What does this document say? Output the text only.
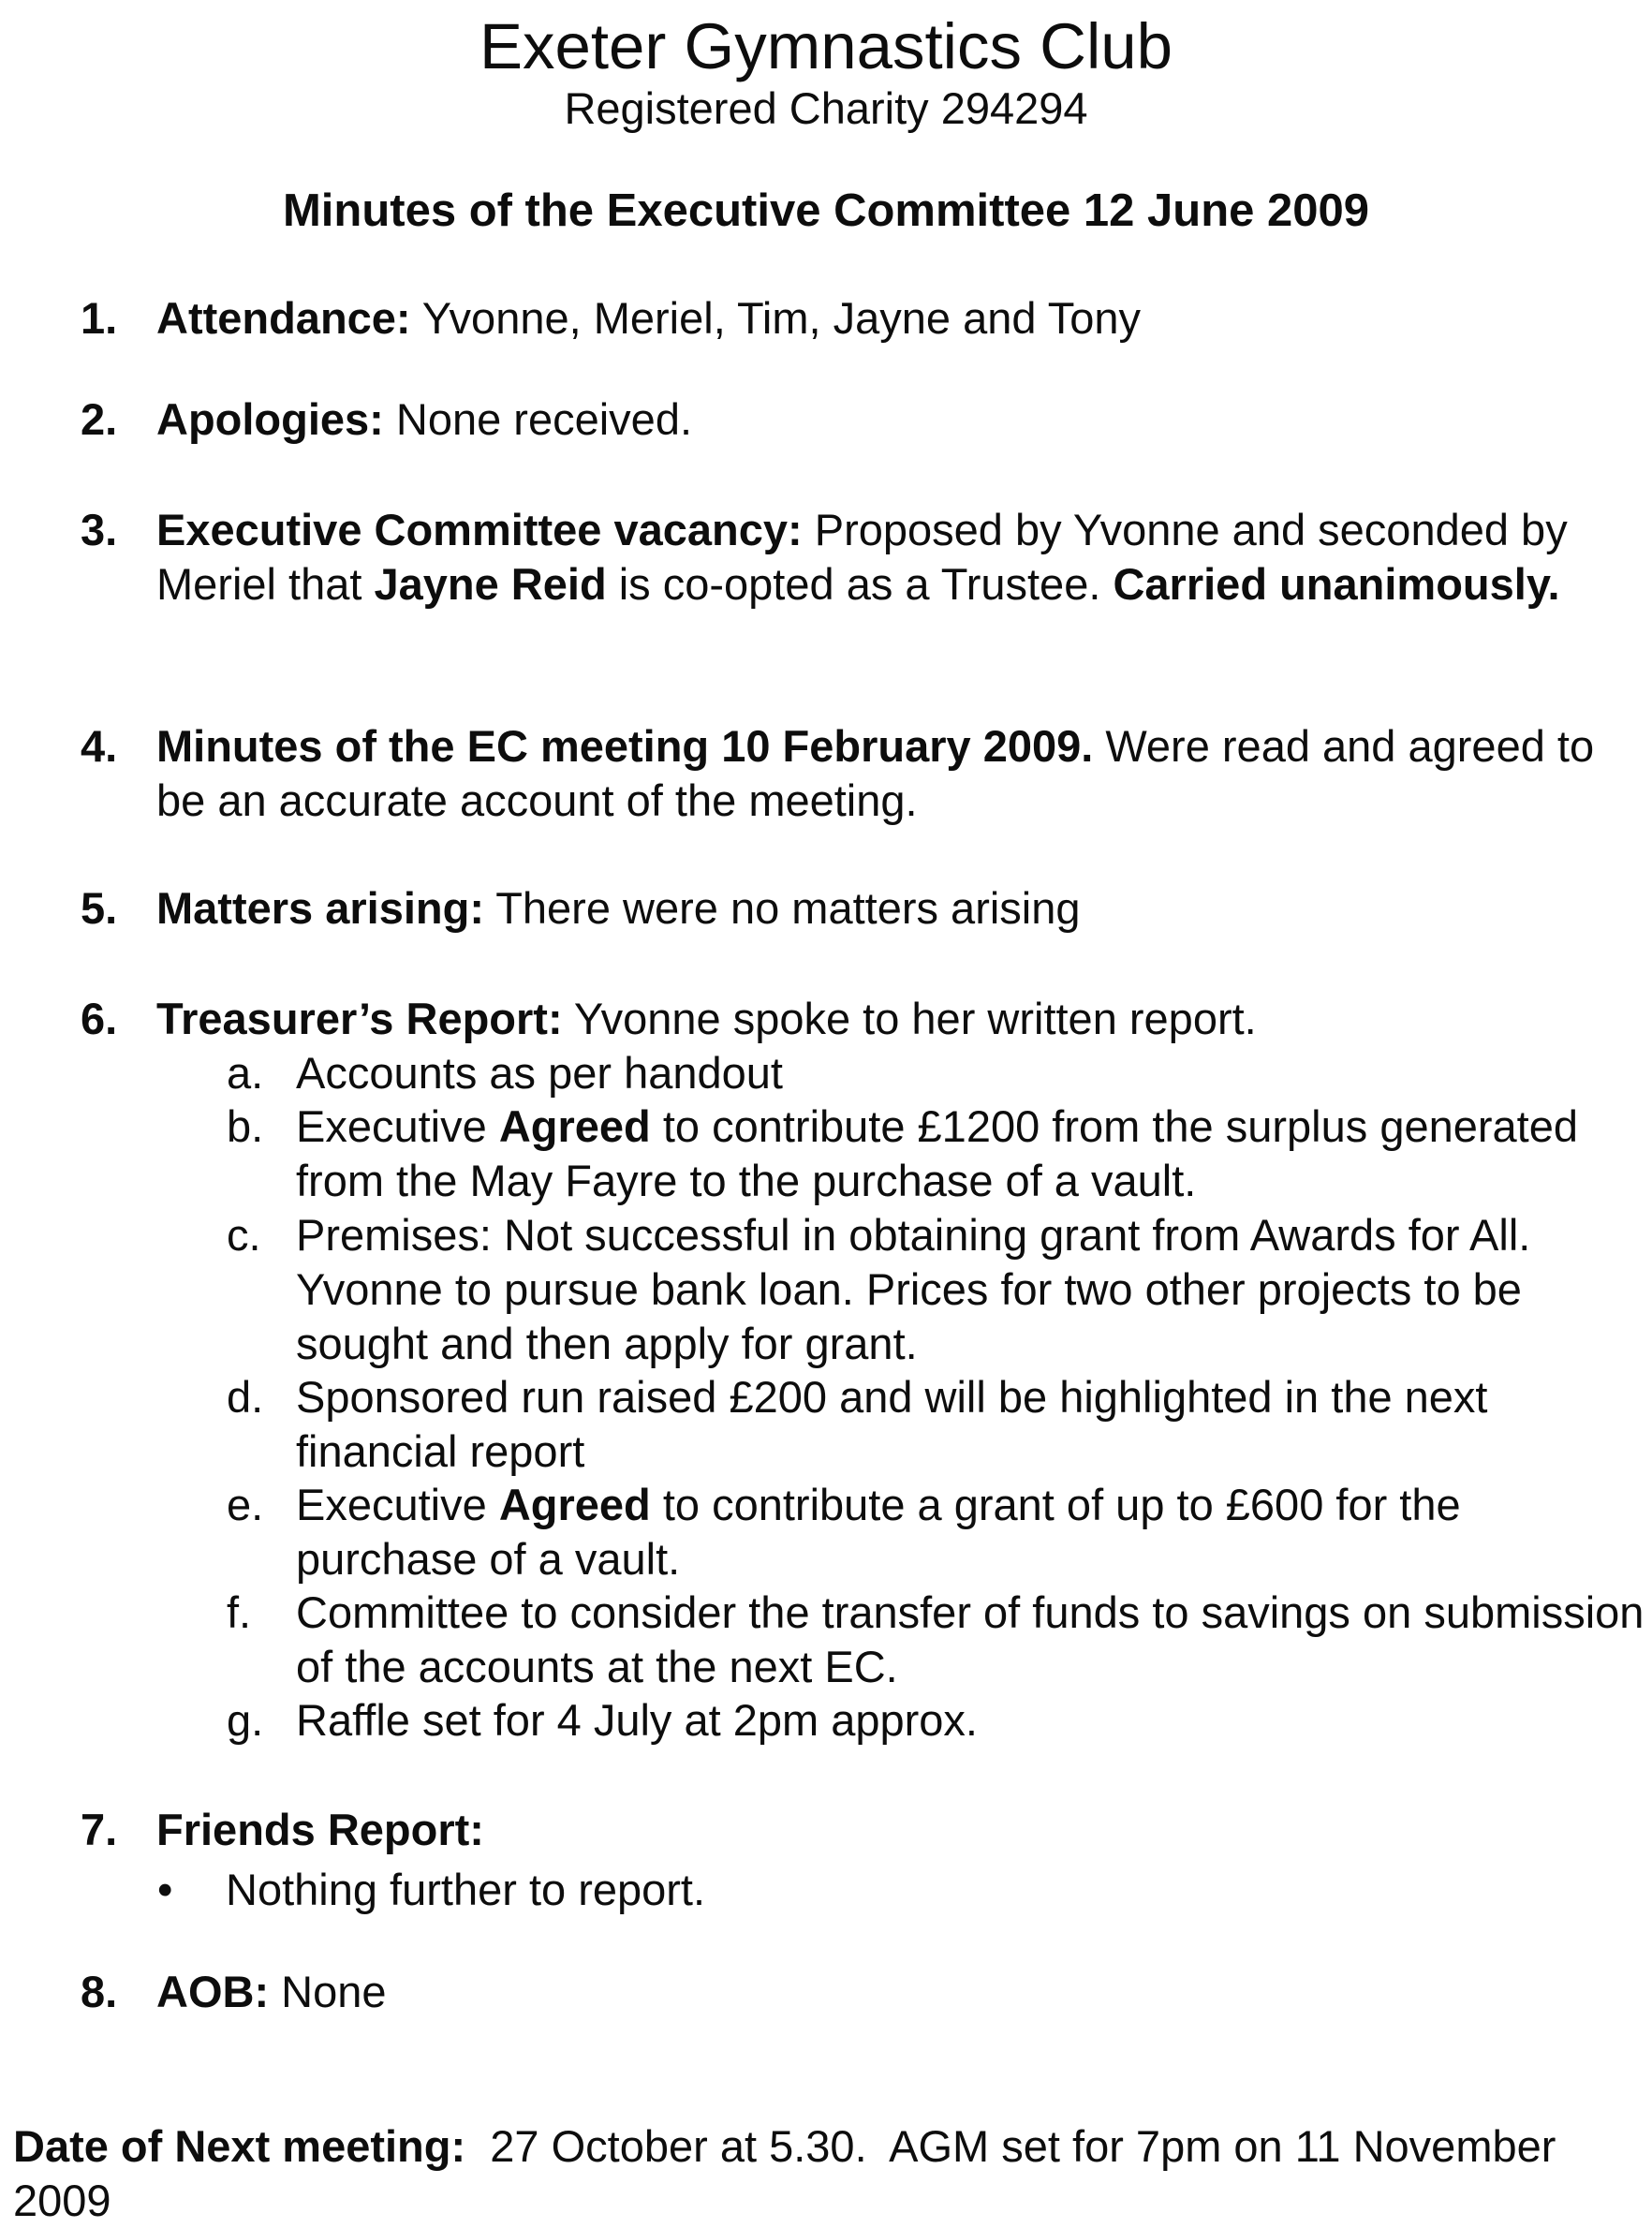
Exeter Gymnastics Club
Registered Charity 294294
Minutes of the Executive Committee 12 June 2009
1. Attendance: Yvonne, Meriel, Tim, Jayne and Tony
2. Apologies: None received.
3. Executive Committee vacancy: Proposed by Yvonne and seconded by Meriel that Jayne Reid is co-opted as a Trustee. Carried unanimously.
4. Minutes of the EC meeting 10 February 2009. Were read and agreed to be an accurate account of the meeting.
5. Matters arising: There were no matters arising
6. Treasurer’s Report: Yvonne spoke to her written report.
a. Accounts as per handout
b. Executive Agreed to contribute £1200 from the surplus generated from the May Fayre to the purchase of a vault.
c. Premises: Not successful in obtaining grant from Awards for All. Yvonne to pursue bank loan. Prices for two other projects to be sought and then apply for grant.
d. Sponsored run raised £200 and will be highlighted in the next financial report
e. Executive Agreed to contribute a grant of up to £600 for the purchase of a vault.
f. Committee to consider the transfer of funds to savings on submission of the accounts at the next EC.
g. Raffle set for 4 July at 2pm approx.
7. Friends Report:
• Nothing further to report.
8. AOB: None
Date of Next meeting:  27 October at 5.30.  AGM set for 7pm on 11 November 2009
